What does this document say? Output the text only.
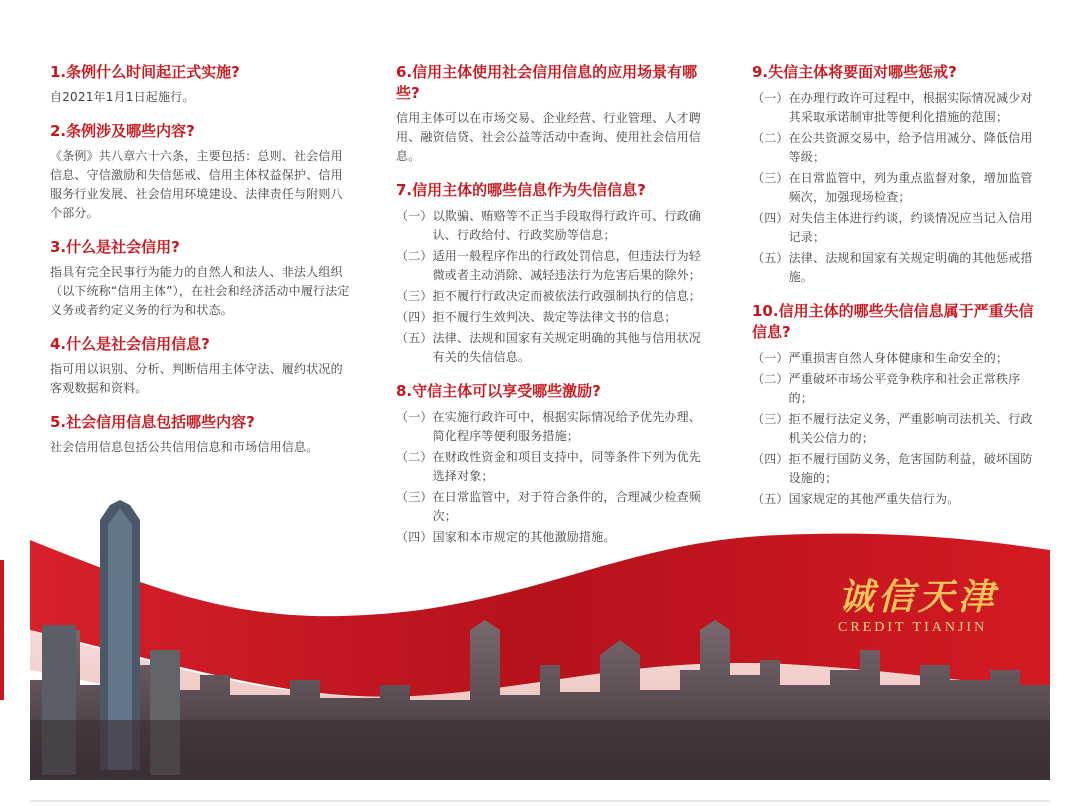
1.条例什么时间起正式实施?
自2021年1月1日起施行。
2.条例涉及哪些内容?
《条例》共八章六十六条，主要包括：总则、社会信用信息、守信激励和失信惩戒、信用主体权益保护、信用服务行业发展、社会信用环境建设、法律责任与附则八个部分。
3.什么是社会信用?
指具有完全民事行为能力的自然人和法人、非法人组织（以下统称“信用主体”），在社会和经济活动中履行法定义务或者约定义务的行为和状态。
4.什么是社会信用信息?
指可用以识别、分析、判断信用主体守法、履约状况的客观数据和资料。
5.社会信用信息包括哪些内容?
社会信用信息包括公共信用信息和市场信用信息。
6.信用主体使用社会信用信息的应用场景有哪些?
信用主体可以在市场交易、企业经营、行业管理、人才聘用、融资信贷、社会公益等活动中查询、使用社会信用信息。
7.信用主体的哪些信息作为失信信息?
（一） 以欺骗、贿赂等不正当手段取得行政许可、行政确认、行政给付、行政奖励等信息；
（二） 适用一般程序作出的行政处罚信息，但违法行为轻微或者主动消除、减轻违法行为危害后果的除外；
（三） 拒不履行行政决定而被依法行政强制执行的信息；
（四） 拒不履行生效判决、裁定等法律文书的信息；
（五） 法律、法规和国家有关规定明确的其他与信用状况有关的失信信息。
8.守信主体可以享受哪些激励?
（一） 在实施行政许可中，根据实际情况给予优先办理、简化程序等便利服务措施；
（二） 在财政性资金和项目支持中，同等条件下列为优先选择对象；
（三） 在日常监管中，对于符合条件的，合理减少检查频次；
（四） 国家和本市规定的其他激励措施。
9.失信主体将要面对哪些惩戒?
（一） 在办理行政许可过程中，根据实际情况减少对其采取承诺制审批等便利化措施的范围；
（二） 在公共资源交易中，给予信用减分、降低信用等级；
（三） 在日常监管中，列为重点监督对象，增加监管频次，加强现场检查；
（四） 对失信主体进行约谈，约谈情况应当记入信用记录；
（五） 法律、法规和国家有关规定明确的其他惩戒措施。
10.信用主体的哪些失信信息属于严重失信信息?
（一） 严重损害自然人身体健康和生命安全的；
（二） 严重破坏市场公平竞争秩序和社会正常秩序的；
（三） 拒不履行法定义务，严重影响司法机关、行政机关公信力的；
（四） 拒不履行国防义务，危害国防利益，破坏国防设施的；
（五） 国家规定的其他严重失信行为。
诚信天津
CREDIT TIANJIN
